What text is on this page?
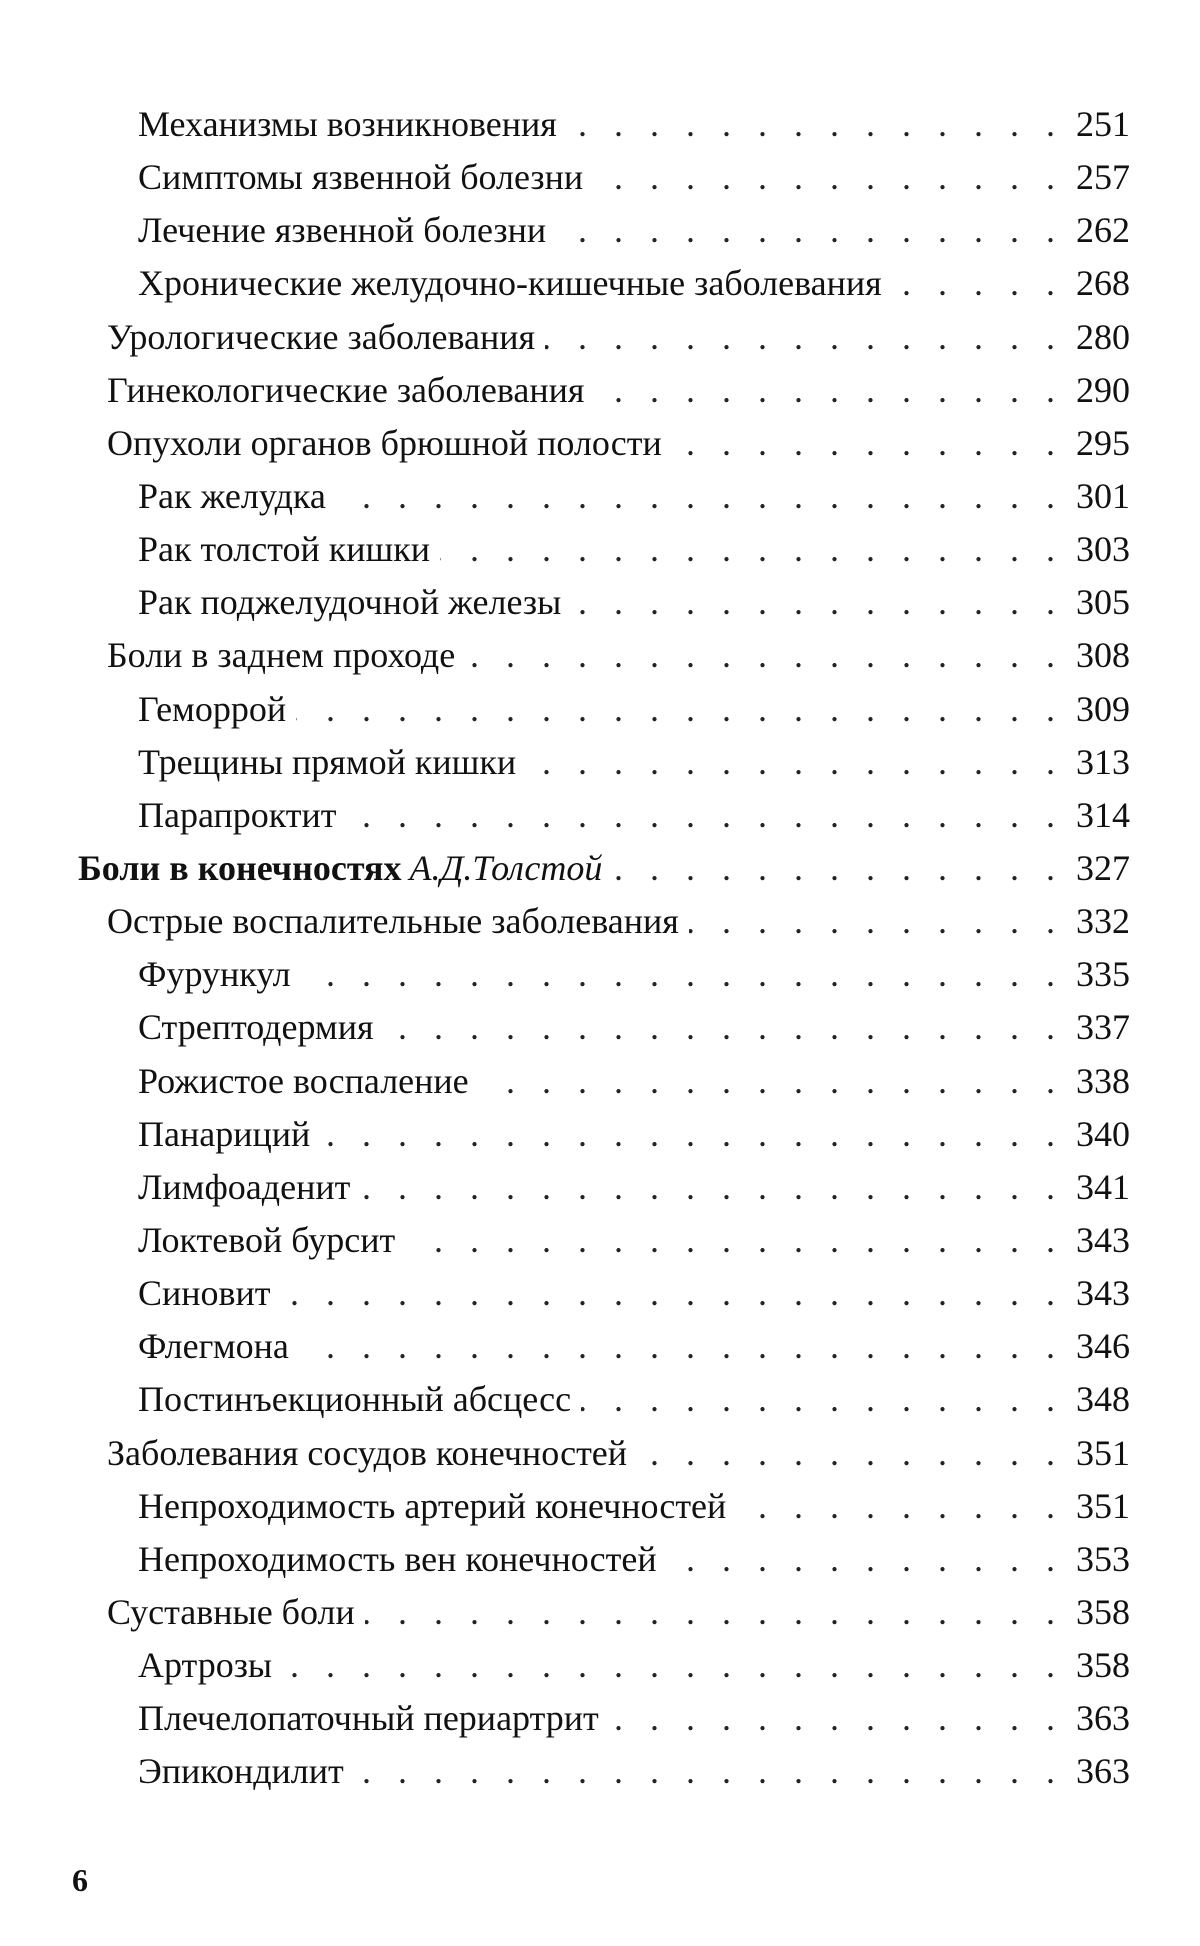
Механизмы возникновения . . .	251
Симптомы язвенной болезни . . .	257
Лечение язвенной болезни . . .	262
Хронические желудочно-кишечные заболевания . . .	268
Урологические заболевания . . .	280
Гинекологические заболевания . . .	290
Опухоли органов брюшной полости . . .	295
Рак желудка . . .	301
Рак толстой кишки . . .	303
Рак поджелудочной железы . . .	305
Боли в заднем проходе . . .	308
Геморрой . . .	309
Трещины прямой кишки . . .	313
Парапроктит . . .	314
Боли в конечностях А.Д.Толстой . . .	327
Острые воспалительные заболевания . . .	332
Фурункул . . .	335
Стрептодермия . . .	337
Рожистое воспаление . . .	338
Панариций . . .	340
Лимфоаденит . . .	341
Локтевой бурсит . . .	343
Синовит . . .	343
Флегмона . . .	346
Постинъекционный абсцесс . . .	348
Заболевания сосудов конечностей . . .	351
Непроходимость артерий конечностей . . .	351
Непроходимость вен конечностей . . .	353
Суставные боли . . .	358
Артрозы . . .	358
Плечелопаточный периартрит . . .	363
Эпикондилит . . .	363
6
